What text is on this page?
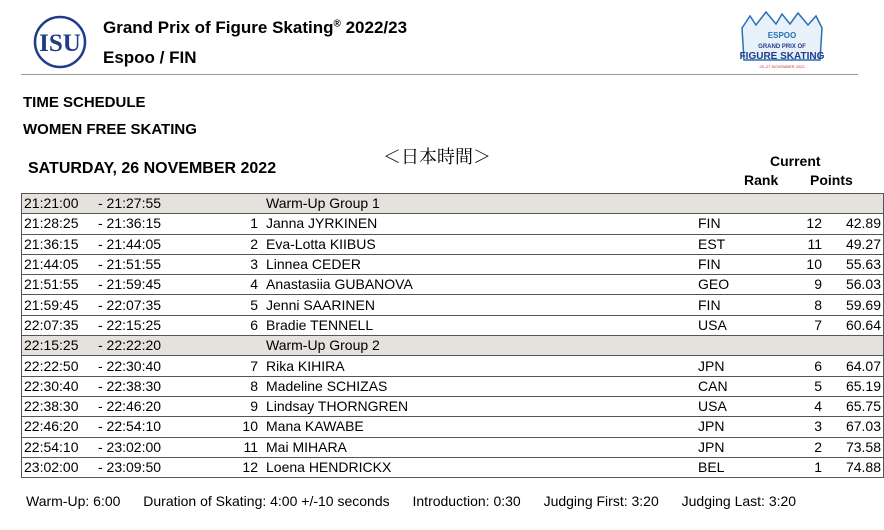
ISU
Grand Prix of Figure Skating® 2022/23
Espoo / FIN
ESPOO
GRAND PRIX OF
FIGURE SKATING
25–27 NOVEMBER 2022
TIME SCHEDULE
WOMEN FREE SKATING
＜日本時間＞
SATURDAY, 26 NOVEMBER 2022	Current
Rank Points
21:21:00	- 21:27:55		Warm-Up Group 1			
21:28:25	- 21:36:15	1	Janna JYRKINEN	FIN	12	42.89
21:36:15	- 21:44:05	2	Eva-Lotta KIIBUS	EST	11	49.27
21:44:05	- 21:51:55	3	Linnea CEDER	FIN	10	55.63
21:51:55	- 21:59:45	4	Anastasiia GUBANOVA	GEO	9	56.03
21:59:45	- 22:07:35	5	Jenni SAARINEN	FIN	8	59.69
22:07:35	- 22:15:25	6	Bradie TENNELL	USA	7	60.64
22:15:25	- 22:22:20		Warm-Up Group 2			
22:22:50	- 22:30:40	7	Rika KIHIRA	JPN	6	64.07
22:30:40	- 22:38:30	8	Madeline SCHIZAS	CAN	5	65.19
22:38:30	- 22:46:20	9	Lindsay THORNGREN	USA	4	65.75
22:46:20	- 22:54:10	10	Mana KAWABE	JPN	3	67.03
22:54:10	- 23:02:00	11	Mai MIHARA	JPN	2	73.58
23:02:00	- 23:09:50	12	Loena HENDRICKX	BEL	1	74.88
Warm-Up: 6:00 Duration of Skating: 4:00 +/-10 seconds Introduction: 0:30 Judging First: 3:20 Judging Last: 3:20
